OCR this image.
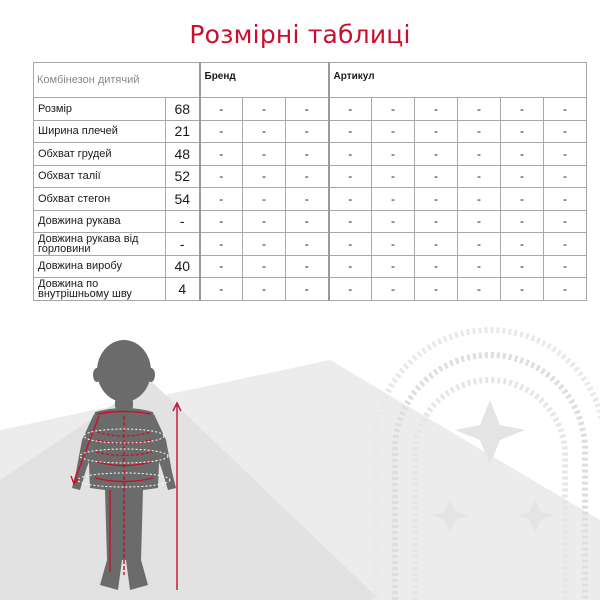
Розмірні таблиці
Комбінезон дитячий		Бренд			Артикул					
Розмір	68	-	-	-	-	-	-	-	-	-
Ширина плечей	21	-	-	-	-	-	-	-	-	-
Обхват грудей	48	-	-	-	-	-	-	-	-	-
Обхват талії	52	-	-	-	-	-	-	-	-	-
Обхват стегон	54	-	-	-	-	-	-	-	-	-
Довжина рукава	-	-	-	-	-	-	-	-	-	-
Довжина рукава від горловини	-	-	-	-	-	-	-	-	-	-
Довжина виробу	40	-	-	-	-	-	-	-	-	-
Довжина по внутрішньому шву	4	-	-	-	-	-	-	-	-	-
